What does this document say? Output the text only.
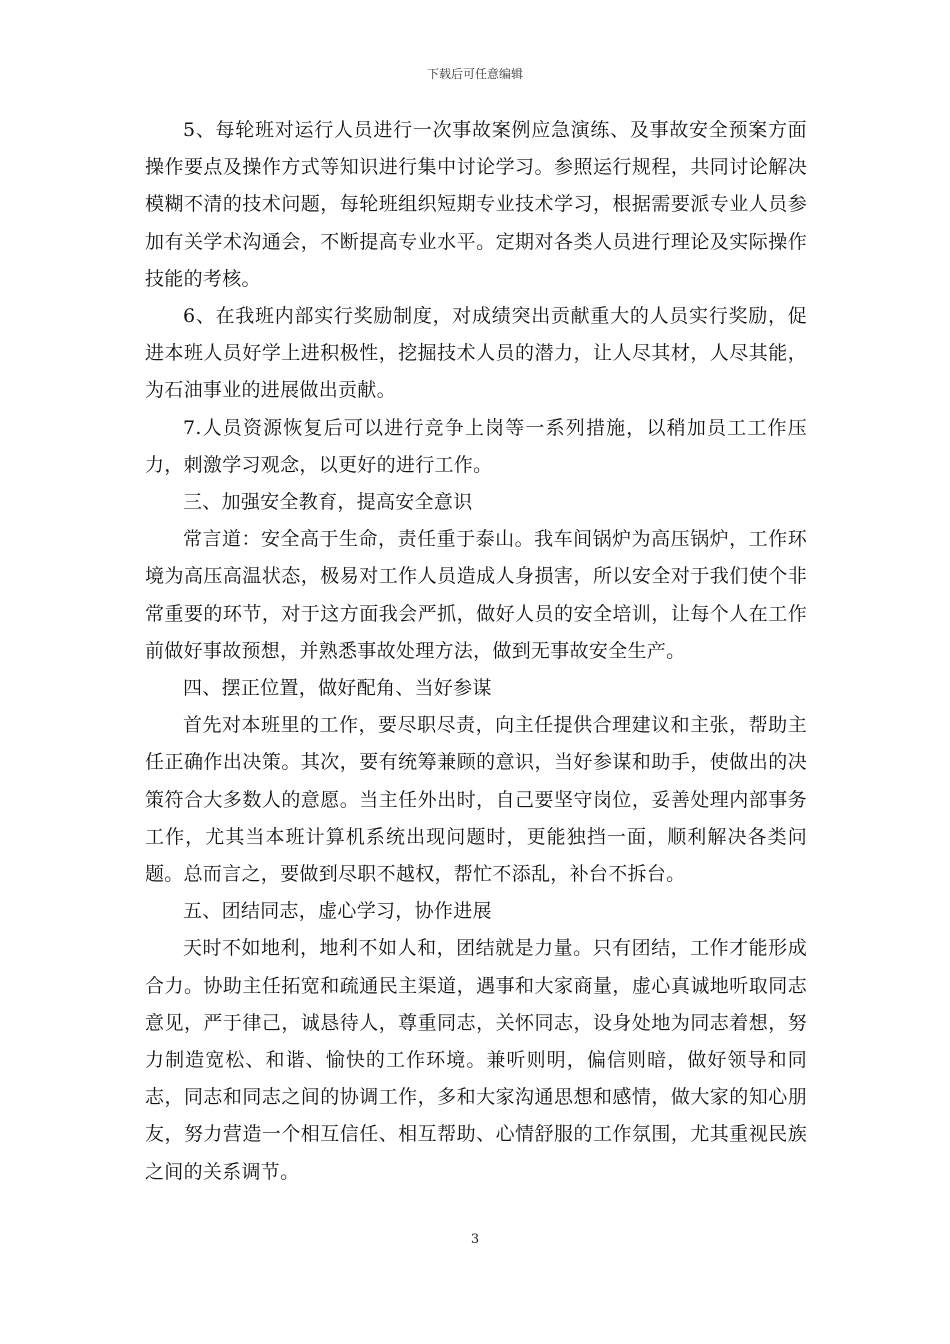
下载后可任意编辑

5、每轮班对运行人员进行一次事故案例应急演练、及事故安全预案方面操作要点及操作方式等知识进行集中讨论学习。参照运行规程，共同讨论解决模糊不清的技术问题，每轮班组织短期专业技术学习，根据需要派专业人员参加有关学术沟通会，不断提高专业水平。定期对各类人员进行理论及实际操作技能的考核。

6、在我班内部实行奖励制度，对成绩突出贡献重大的人员实行奖励，促进本班人员好学上进积极性，挖掘技术人员的潜力，让人尽其材，人尽其能，为石油事业的进展做出贡献。

7.人员资源恢复后可以进行竞争上岗等一系列措施，以稍加员工工作压力，刺激学习观念，以更好的进行工作。

三、加强安全教育，提高安全意识

常言道：安全高于生命，责任重于泰山。我车间锅炉为高压锅炉，工作环境为高压高温状态，极易对工作人员造成人身损害，所以安全对于我们使个非常重要的环节，对于这方面我会严抓，做好人员的安全培训，让每个人在工作前做好事故预想，并熟悉事故处理方法，做到无事故安全生产。

四、摆正位置，做好配角、当好参谋

首先对本班里的工作，要尽职尽责，向主任提供合理建议和主张，帮助主任正确作出决策。其次，要有统筹兼顾的意识，当好参谋和助手，使做出的决策符合大多数人的意愿。当主任外出时，自己要坚守岗位，妥善处理内部事务工作，尤其当本班计算机系统出现问题时，更能独挡一面，顺利解决各类问题。总而言之，要做到尽职不越权，帮忙不添乱，补台不拆台。

五、团结同志，虚心学习，协作进展

天时不如地利，地利不如人和，团结就是力量。只有团结，工作才能形成合力。协助主任拓宽和疏通民主渠道，遇事和大家商量，虚心真诚地听取同志意见，严于律己，诚恳待人，尊重同志，关怀同志，设身处地为同志着想，努力制造宽松、和谐、愉快的工作环境。兼听则明，偏信则暗，做好领导和同志，同志和同志之间的协调工作，多和大家沟通思想和感情，做大家的知心朋友，努力营造一个相互信任、相互帮助、心情舒服的工作氛围，尤其重视民族之间的关系调节。

3
